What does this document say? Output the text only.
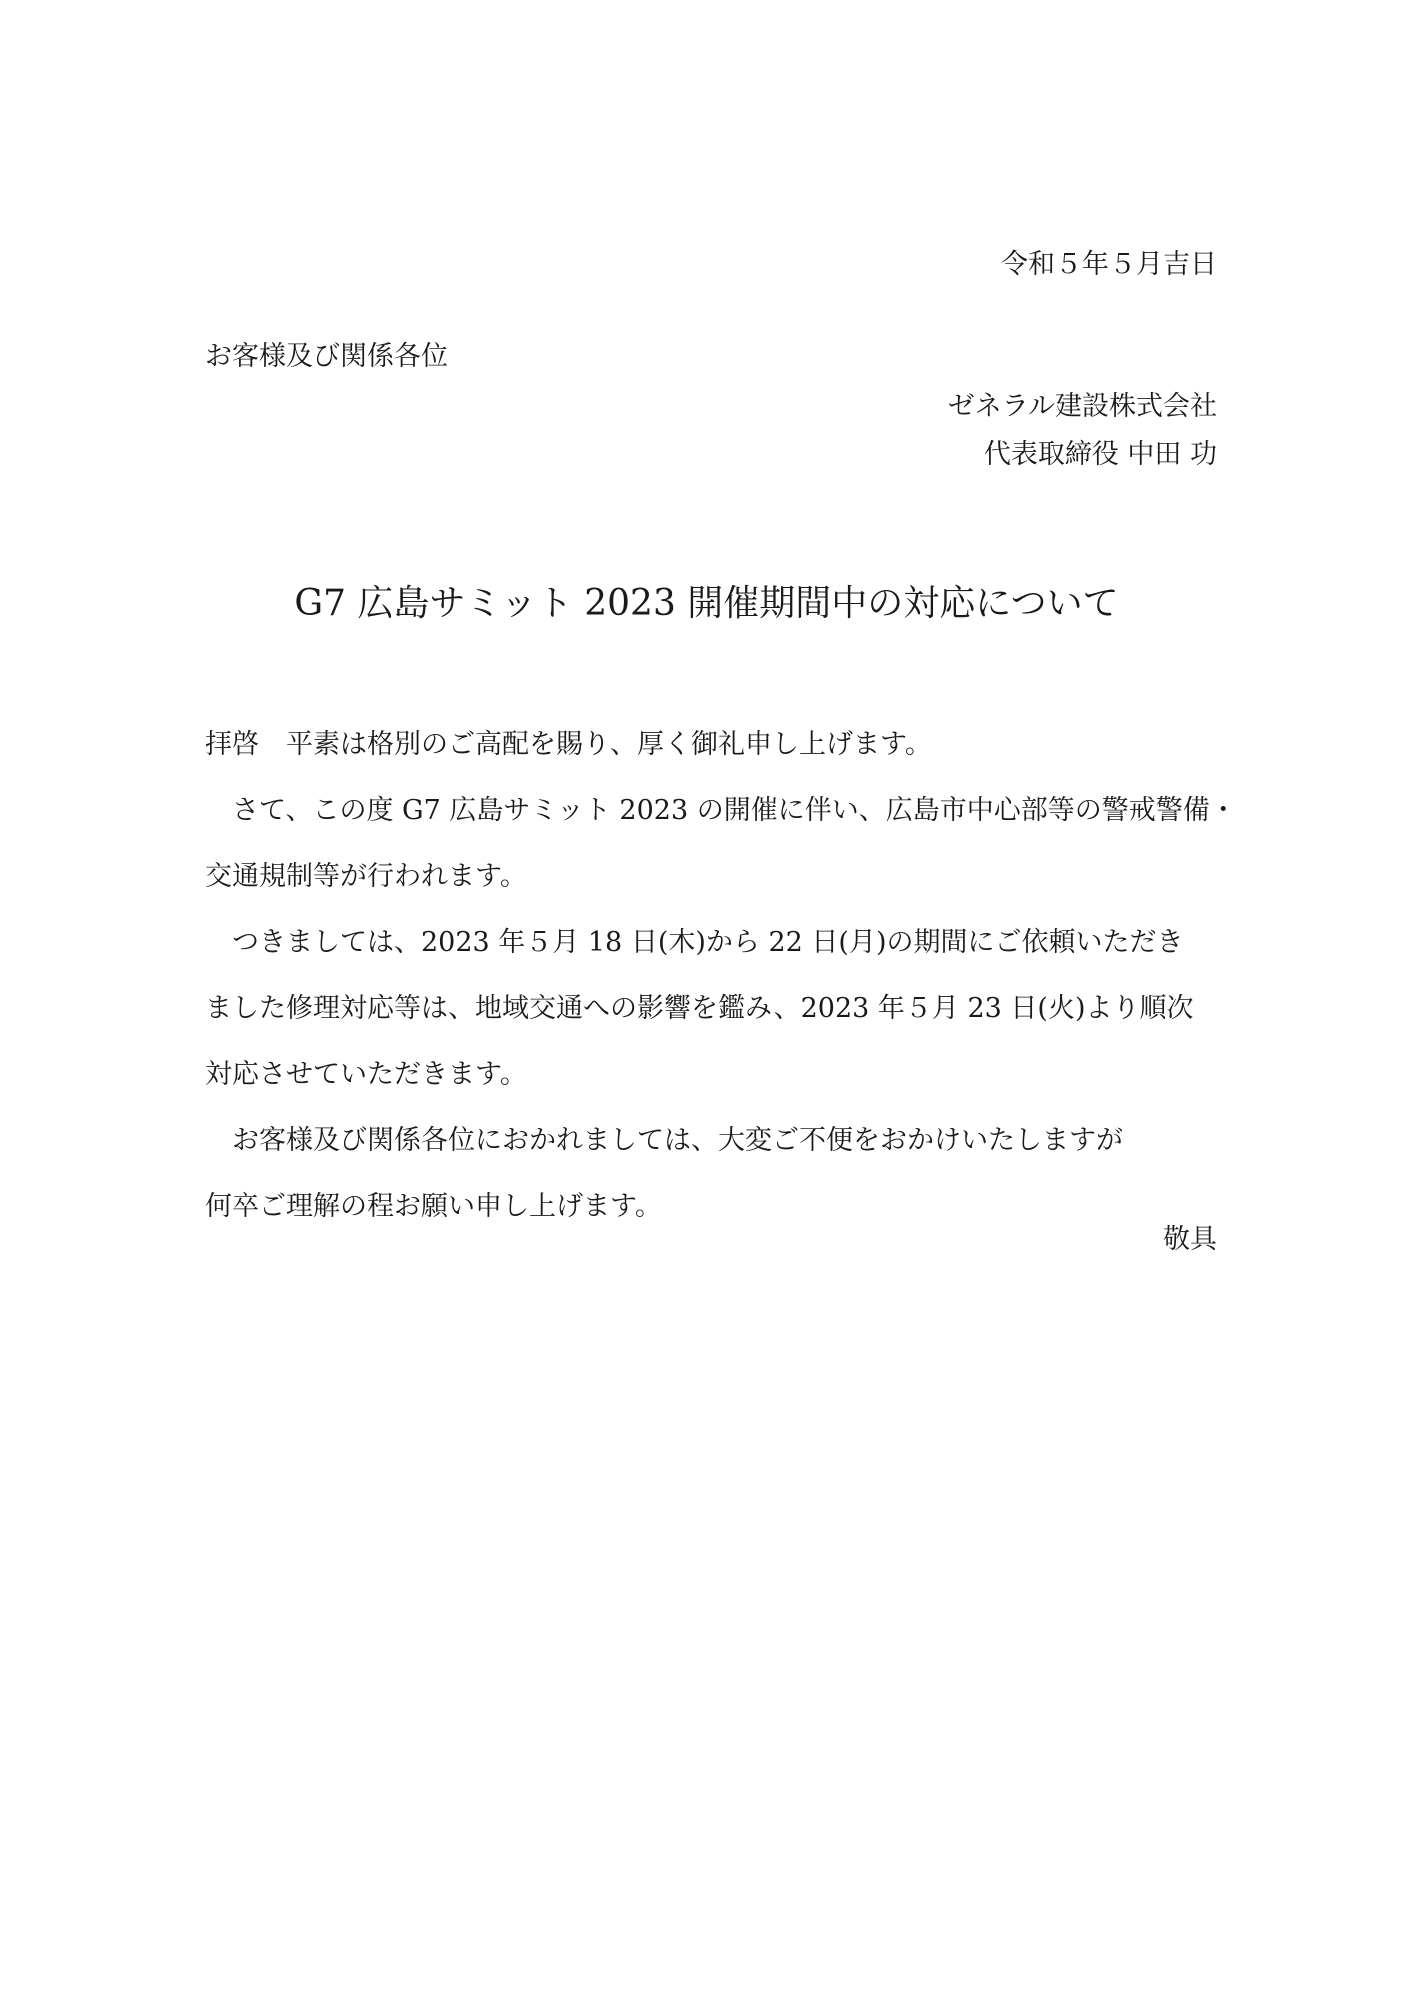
令和５年５月吉日
お客様及び関係各位
ゼネラル建設株式会社
代表取締役 中田 功
G7 広島サミット 2023 開催期間中の対応について

拝啓　平素は格別のご高配を賜り、厚く御礼申し上げます。

　さて、この度 G7 広島サミット 2023 の開催に伴い、広島市中心部等の警戒警備・

交通規制等が行われます。

　つきましては、2023 年５月 18 日(木)から 22 日(月)の期間にご依頼いただき

ました修理対応等は、地域交通への影響を鑑み、2023 年５月 23 日(火)より順次

対応させていただきます。

　お客様及び関係各位におかれましては、大変ご不便をおかけいたしますが

何卒ご理解の程お願い申し上げます。

敬具
